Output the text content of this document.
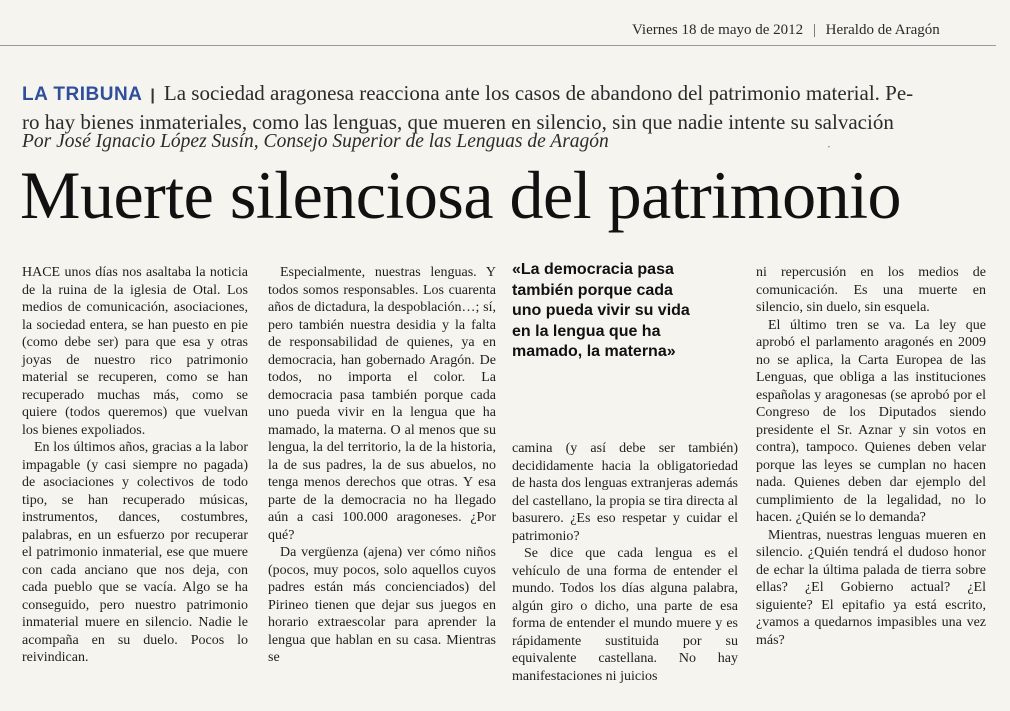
Viernes 18 de mayo de 2012 | Heraldo de Aragón
LA TRIBUNA | La sociedad aragonesa reacciona ante los casos de abandono del patrimonio material. Pe-
ro hay bienes inmateriales, como las lenguas, que mueren en silencio, sin que nadie intente su salvación
Por José Ignacio López Susín, Consejo Superior de las Lenguas de Aragón	·
Muerte silenciosa del patrimonio

HACE unos días nos asaltaba la noticia de la ruina de la iglesia de Otal. Los medios de comunicación, asociaciones, la sociedad entera, se han puesto en pie (como debe ser) para que esa y otras joyas de nuestro rico patrimonio material se recuperen, como se han recuperado muchas más, como se quiere (todos queremos) que vuelvan los bienes expoliados.

En los últimos años, gracias a la labor impagable (y casi siempre no pagada) de asociaciones y colectivos de todo tipo, se han recuperado músicas, instrumentos, dances, costumbres, palabras, en un esfuerzo por recuperar el patrimonio inmaterial, ese que muere con cada anciano que nos deja, con cada pueblo que se vacía. Algo se ha conseguido, pero nuestro patrimonio inmaterial muere en silencio. Nadie le acompaña en su duelo. Pocos lo reivindican.

Especialmente, nuestras lenguas. Y todos somos responsables. Los cuarenta años de dictadura, la despoblación…; sí, pero también nuestra desidia y la falta de responsabilidad de quienes, ya en democracia, han gobernado Aragón. De todos, no importa el color. La democracia pasa también porque cada uno pueda vivir en la lengua que ha mamado, la materna. O al menos que su lengua, la del territorio, la de la historia, la de sus padres, la de sus abuelos, no tenga menos derechos que otras. Y esa parte de la democracia no ha llegado aún a casi 100.000 aragoneses. ¿Por qué?

Da vergüenza (ajena) ver cómo niños (pocos, muy pocos, solo aquellos cuyos padres están más concienciados) del Pirineo tienen que dejar sus juegos en horario extraescolar para aprender la lengua que hablan en su casa. Mientras se

«La democracia pasa
también porque cada
uno pueda vivir su vida
en la lengua que ha
mamado, la materna»

camina (y así debe ser también) decididamente hacia la obligatoriedad de hasta dos lenguas extranjeras además del castellano, la propia se tira directa al basurero. ¿Es eso respetar y cuidar el patrimonio?

Se dice que cada lengua es el vehículo de una forma de entender el mundo. Todos los días alguna palabra, algún giro o dicho, una parte de esa forma de entender el mundo muere y es rápidamente sustituida por su equivalente castellana. No hay manifestaciones ni juicios

ni repercusión en los medios de comunicación. Es una muerte en silencio, sin duelo, sin esquela.

El último tren se va. La ley que aprobó el parlamento aragonés en 2009 no se aplica, la Carta Europea de las Lenguas, que obliga a las instituciones españolas y aragonesas (se aprobó por el Congreso de los Diputados siendo presidente el Sr. Aznar y sin votos en contra), tampoco. Quienes deben velar porque las leyes se cumplan no hacen nada. Quienes deben dar ejemplo del cumplimiento de la legalidad, no lo hacen. ¿Quién se lo demanda?

Mientras, nuestras lenguas mueren en silencio. ¿Quién tendrá el dudoso honor de echar la última palada de tierra sobre ellas? ¿El Gobierno actual? ¿El siguiente? El epitafio ya está escrito, ¿vamos a quedarnos impasibles una vez más?
